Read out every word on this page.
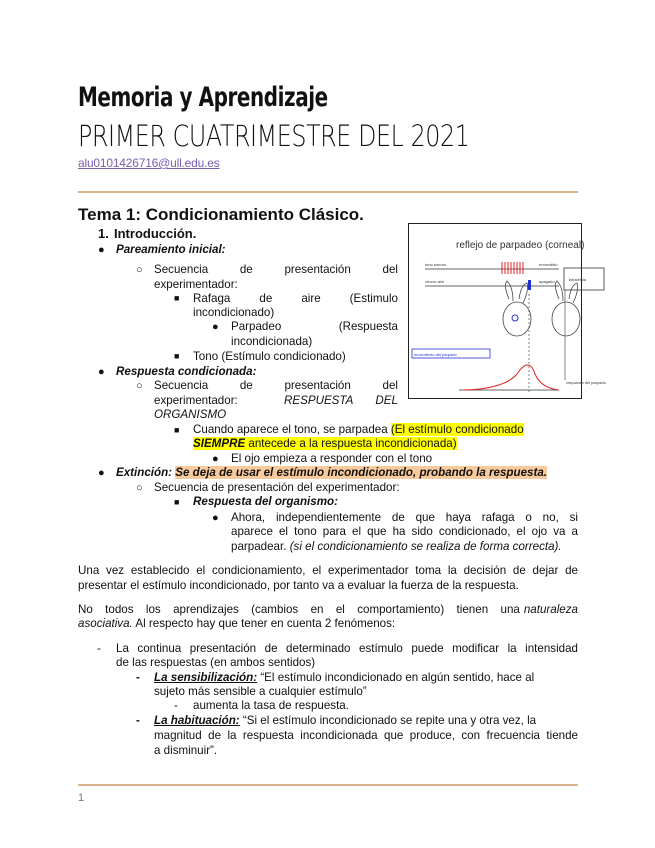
Memoria y Aprendizaje
PRIMER CUATRIMESTRE DEL 2021
alu0101426716@ull.edu.es
Tema 1: Condicionamiento Clásico.
1. Introducción.
reflejo de parpadeo (corneal)
tono sonoro
chorro aire
encendido
apagado	fotocélula
movimiento del párpado
respuesta del párpado
● Pareamiento inicial:
○ Secuencia de presentación del
experimentador:
■ Rafaga de aire (Estimulo
incondicionado)
● Parpadeo (Respuesta
incondicionada)
■ Tono (Estímulo condicionado)
● Respuesta condicionada:
○ Secuencia de presentación del
experimentador:	RESPUESTA DEL
ORGANISMO
■ Cuando aparece el tono, se parpadea (El estímulo condicionado
SIEMPRE antecede a la respuesta incondicionada)
● El ojo empieza a responder con el tono
● Extinción: Se deja de usar el estímulo incondicionado, probando la respuesta.
○ Secuencia de presentación del experimentador:
■ Respuesta del organismo:
● Ahora, independientemente de que haya rafaga o no, si
aparece el tono para el que ha sido condicionado, el ojo va a
parpadear. (si el condicionamiento se realiza de forma correcta).
Una vez establecido el condicionamiento, el experimentador toma la decisión de dejar de
presentar el estímulo incondicionado, por tanto va a evaluar la fuerza de la respuesta.
No todos los aprendizajes (cambios en el comportamiento) tienen una naturaleza
asociativa. Al respecto hay que tener en cuenta 2 fenómenos:
- La continua presentación de determinado estímulo puede modificar la intensidad
de las respuestas (en ambos sentidos)
- La sensibilización: “El estímulo incondicionado en algún sentido, hace al
sujeto más sensible a cualquier estímulo”
- aumenta la tasa de respuesta.
- La habituación: “Si el estímulo incondicionado se repite una y otra vez, la
magnitud de la respuesta incondicionada que produce, con frecuencia tiende
a disminuir”.
1
